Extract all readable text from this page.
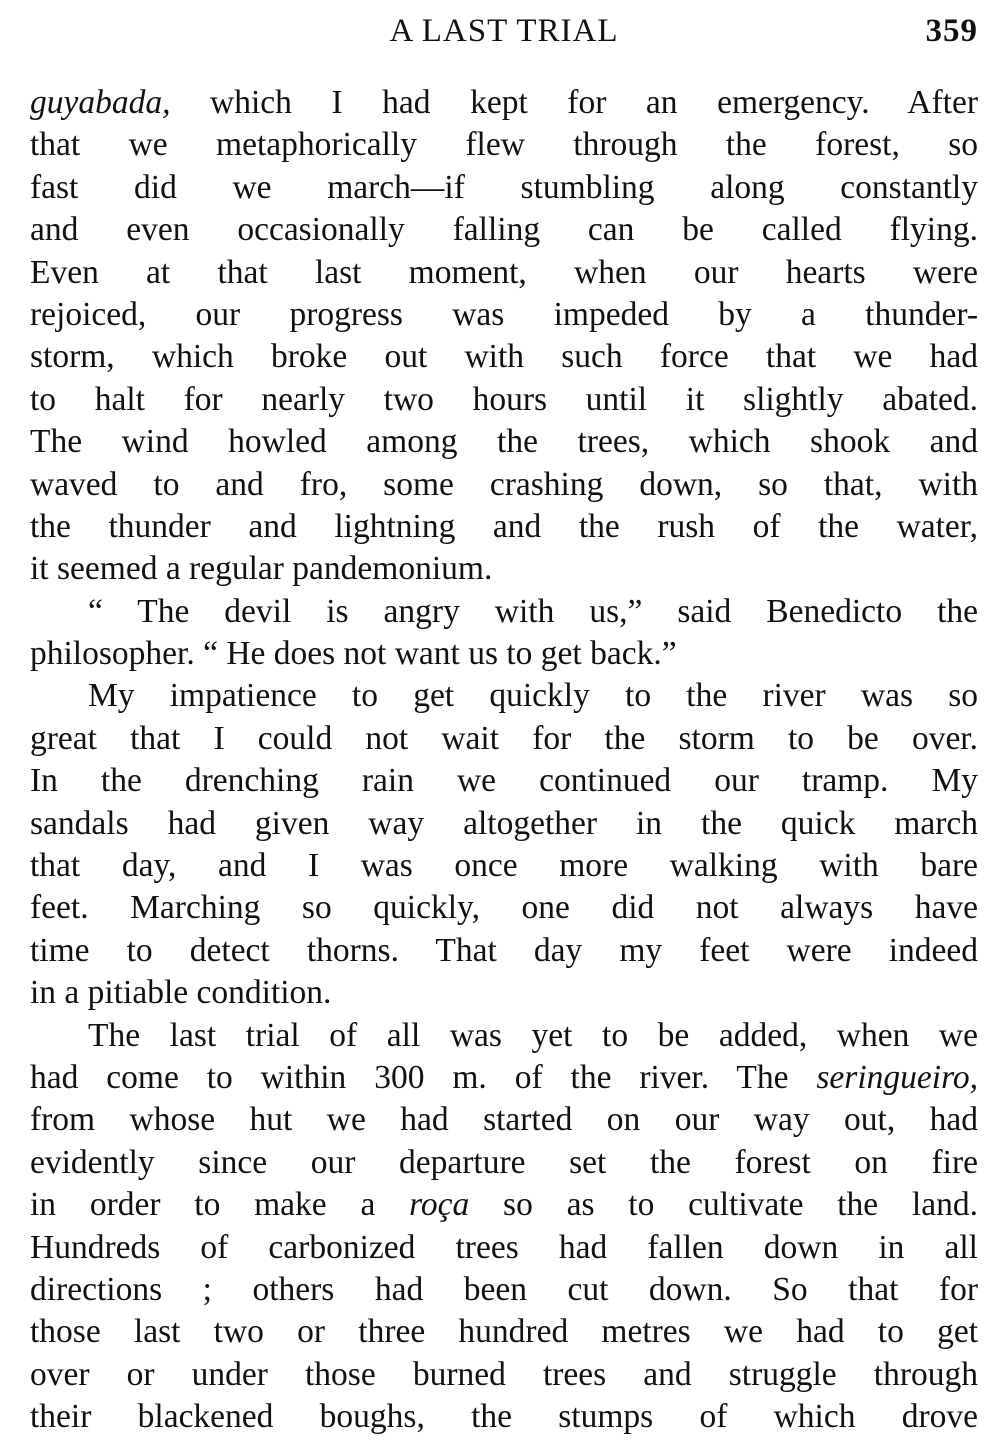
A LAST TRIAL	359
guyabada, which I had kept for an emergency. After
that we metaphorically flew through the forest, so
fast did we march—if stumbling along constantly
and even occasionally falling can be called flying.
Even at that last moment, when our hearts were
rejoiced, our progress was impeded by a thunder-
storm, which broke out with such force that we had
to halt for nearly two hours until it slightly abated.
The wind howled among the trees, which shook and
waved to and fro, some crashing down, so that, with
the thunder and lightning and the rush of the water,
it seemed a regular pandemonium.
“ The devil is angry with us,” said Benedicto the
philosopher. “ He does not want us to get back.”
My impatience to get quickly to the river was so
great that I could not wait for the storm to be over.
In the drenching rain we continued our tramp. My
sandals had given way altogether in the quick march
that day, and I was once more walking with bare
feet. Marching so quickly, one did not always have
time to detect thorns. That day my feet were indeed
in a pitiable condition.
The last trial of all was yet to be added, when we
had come to within 300 m. of the river. The seringueiro,
from whose hut we had started on our way out, had
evidently since our departure set the forest on fire
in order to make a roça so as to cultivate the land.
Hundreds of carbonized trees had fallen down in all
directions ; others had been cut down. So that for
those last two or three hundred metres we had to get
over or under those burned trees and struggle through
their blackened boughs, the stumps of which drove
